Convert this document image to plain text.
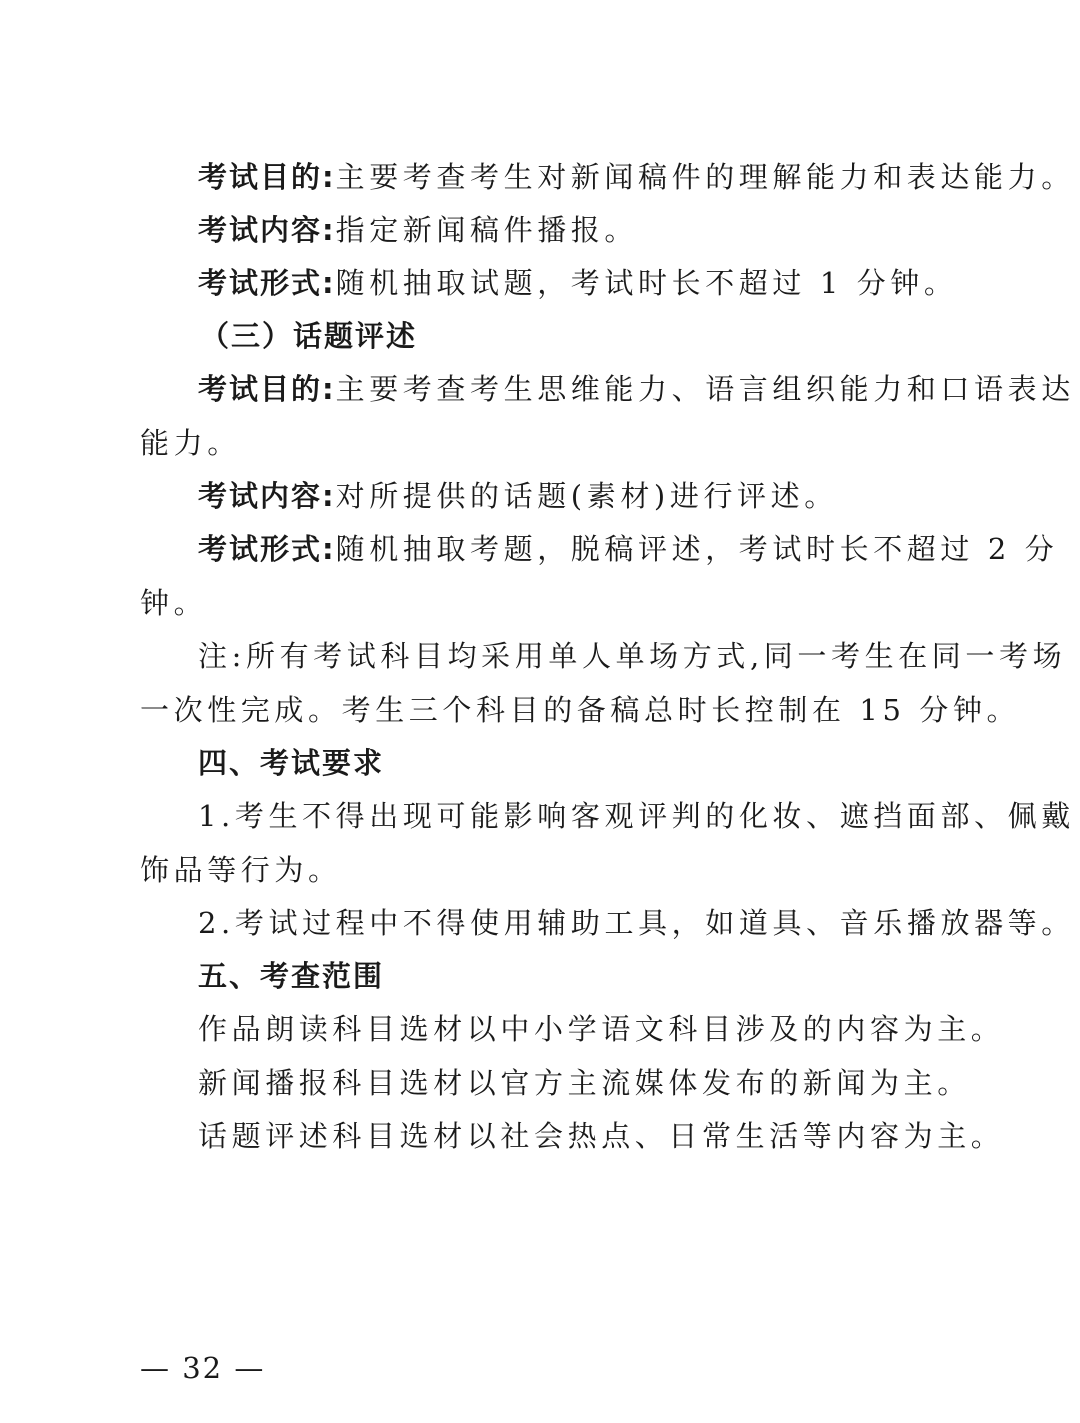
考试目的:主要考查考生对新闻稿件的理解能力和表达能力。
考试内容:指定新闻稿件播报。
考试形式:随机抽取试题，考试时长不超过 1 分钟。
（三）话题评述
考试目的:主要考查考生思维能力、语言组织能力和口语表达
能力。
考试内容:对所提供的话题(素材)进行评述。
考试形式:随机抽取考题，脱稿评述，考试时长不超过 2 分
钟。
注:所有考试科目均采用单人单场方式,同一考生在同一考场
一次性完成。考生三个科目的备稿总时长控制在 15 分钟。
四、考试要求
1.考生不得出现可能影响客观评判的化妆、遮挡面部、佩戴
饰品等行为。
2.考试过程中不得使用辅助工具，如道具、音乐播放器等。
五、考查范围
作品朗读科目选材以中小学语文科目涉及的内容为主。
新闻播报科目选材以官方主流媒体发布的新闻为主。
话题评述科目选材以社会热点、日常生活等内容为主。
— 32 —
